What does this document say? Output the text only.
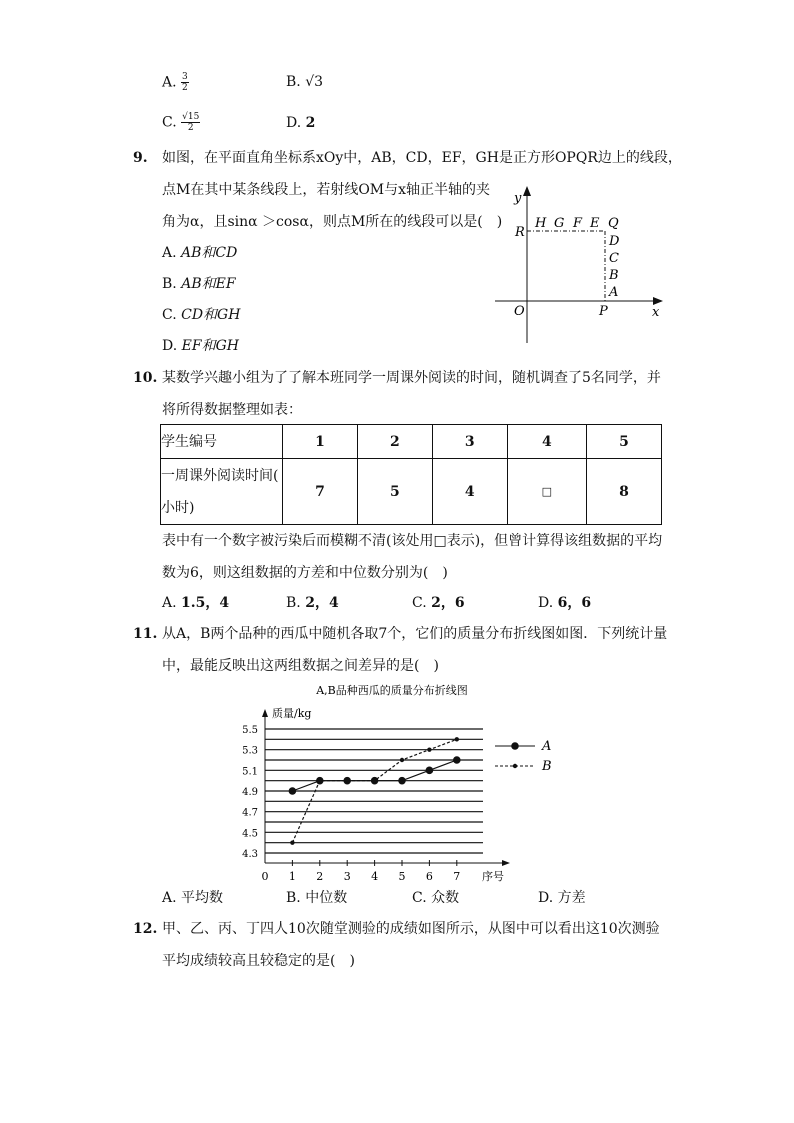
A. $\frac{3}{2}$	B. √3
C. $\frac{√15}{2}$	D. 2
9. 如图，在平面直角坐标系xOy中，AB，CD，EF，GH是正方形OPQR边上的线段，
点M在其中某条线段上，若射线OM与x轴正半轴的夹
角为α，且sinα ＞cosα，则点M所在的线段可以是(　)
A. AB和CD
B. AB和EF
C. CD和GH
D. EF和GH
y
x
O	P
R
H G F E Q
D
C
B
A
10. 某数学兴趣小组为了了解本班同学一周课外阅读的时间，随机调查了5名同学，并
将所得数据整理如表：
学生编号	1	2	3	4	5

一周课外阅读时间(
小时)	7	5	4	□	8
表中有一个数字被污染后而模糊不清(该处用□表示)，但曾计算得该组数据的平均
数为6，则这组数据的方差和中位数分别为(　)
A. 1.5，4	B. 2，4	C. 2，6	D. 6，6
11. 从A，B两个品种的西瓜中随机各取7个，它们的质量分布折线图如图．下列统计量
中，最能反映出这两组数据之间差异的是(　)
A,B品种西瓜的质量分布折线图
质量/kg
序号
4.3
4.5
4.7
4.9
5.1
5.3
5.5
0 1 2 3 4 5 6 7
A
B
A. 平均数	B. 中位数	C. 众数	D. 方差
12. 甲、乙、丙、丁四人10次随堂测验的成绩如图所示，从图中可以看出这10次测验
平均成绩较高且较稳定的是(　)
